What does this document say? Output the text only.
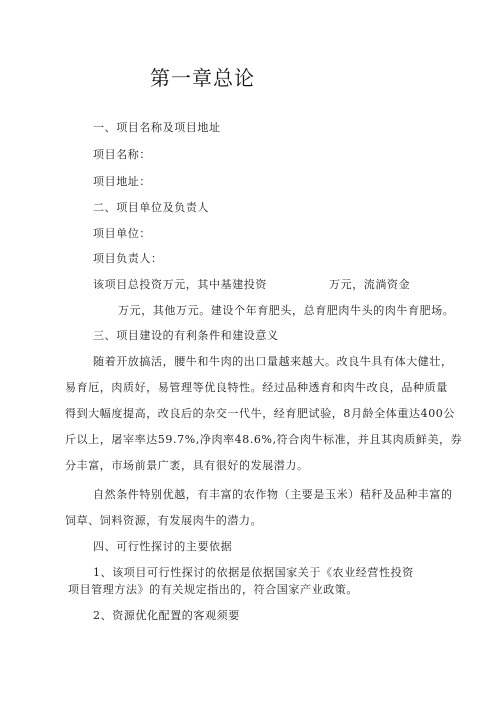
第一章总论
一、项目名称及项目地址
项目名称：
项目地址：
二、项目单位及负责人
项目单位：
项目负责人：
该项目总投资万元，其中基建投资	万元，流淌资金
万元，其他万元。建设个年育肥头，总育肥肉牛头的肉牛育肥场。
三、项目建设的有利条件和建设意义
随着开放搞活，腰牛和牛肉的出口量越来越大。改良牛具有体大健壮，
易育厄，肉质好，易管理等优良特性。经过品种透育和肉牛改良，品种质量
得到大幅度提高，改良后的杂交一代牛，经育肥试验，8月龄全体重达400公
斤以上，屠宰率达59.7%,净肉率48.6%,符合肉牛标准，并且其肉质鲜美，券
分丰富，市场前景广袤，具有很好的发展潜力。
自然条件特别优越，有丰富的农作物（主要是玉米）秸秆及品种丰富的
饲草、饲料资源，有发展肉牛的潜力。
四、可行性探讨的主要依据
1、该项目可行性探讨的依据是依据国家关于《农业经营性投资
项目管理方法》的有关规定指出的，符合国家产业政策。
2、资源优化配置的客观须要
